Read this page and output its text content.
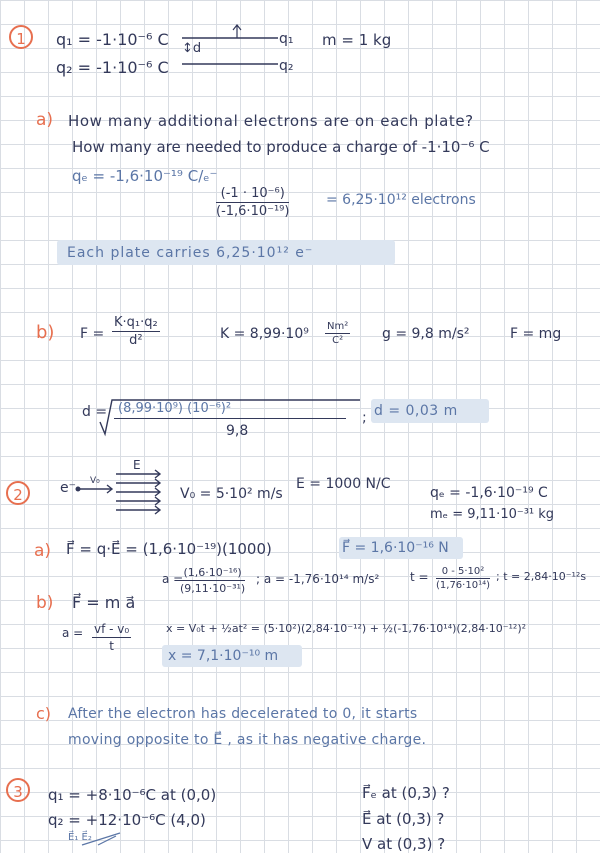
1	q₁ = -1·10⁻⁶ C
q₂ = -1·10⁻⁶ C
↕d
q₁
q₂
m = 1 kg
a) How many additional electrons are on each plate?
How many are needed to produce a charge of -1·10⁻⁶ C
qₑ = -1,6·10⁻¹⁹ C/ₑ⁻
$\frac{\text{(-1 · 10⁻⁶)}}{\text{(-1,6·10⁻¹⁹)}}$	= 6,25·10¹² electrons
Each plate carries 6,25·10¹² e⁻
b) $F = \frac{\text{K·q₁·q₂}}{\text{d²}}$	$K = 8,99\cdot 10^9 \frac{\text{Nm²}}{\text{C²}}$ g = 9,8 m/s²	F = mg
d = (8,99·10⁹) (10⁻⁶)²
9,8
; d = 0,03 m
2	e⁻ V₀
E
V₀ = 5·10² m/s
E = 1000 N/C
qₑ = -1,6·10⁻¹⁹ C
mₑ = 9,11·10⁻³¹ kg
a) F⃗ = q·E⃗ = (1,6·10⁻¹⁹)(1000)	F⃗ = 1,6·10⁻¹⁶ N
a =
$\frac{\text{(1,6·10⁻¹⁶)}}{\text{(9,11·10⁻³¹)}}$ ; a = -1,76·10¹⁴ m/s²	$t = \frac{\text{0 - 5·10²}}{\text{(1,76·10¹⁴)}}$ ; t = 2,84·10⁻¹²s
b) F⃗ = m a⃗
$a = \frac{\text{vf - v₀}}{t}$	x = V₀t + ½at² = (5·10²)(2,84·10⁻¹²) + ½(-1,76·10¹⁴)(2,84·10⁻¹²)²
x = 7,1·10⁻¹⁰ m
c) After the electron has decelerated to 0, it starts
moving opposite to E⃗ , as it has negative charge.
3	q₁ = +8·10⁻⁶C at (0,0)
q₂ = +12·10⁻⁶C (4,0)
E⃗₁ E⃗₂
F⃗ₑ at (0,3) ?
E⃗ at (0,3) ?
V at (0,3) ?
